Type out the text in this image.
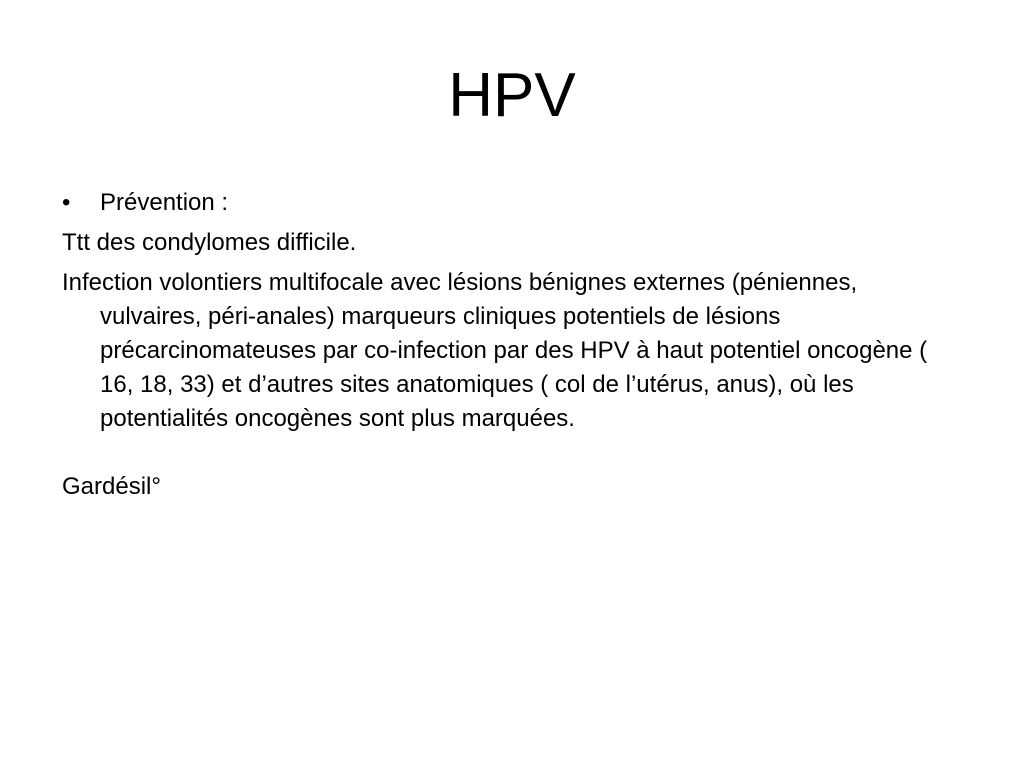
HPV
• Prévention :

Ttt des condylomes difficile.

Infection volontiers multifocale avec lésions bénignes externes (péniennes, vulvaires, péri-anales) marqueurs cliniques potentiels de lésions précarcinomateuses par co-infection par des HPV à haut potentiel oncogène ( 16, 18, 33) et d’autres sites anatomiques ( col de l’utérus, anus), où les potentialités oncogènes sont plus marquées.

Gardésil°
